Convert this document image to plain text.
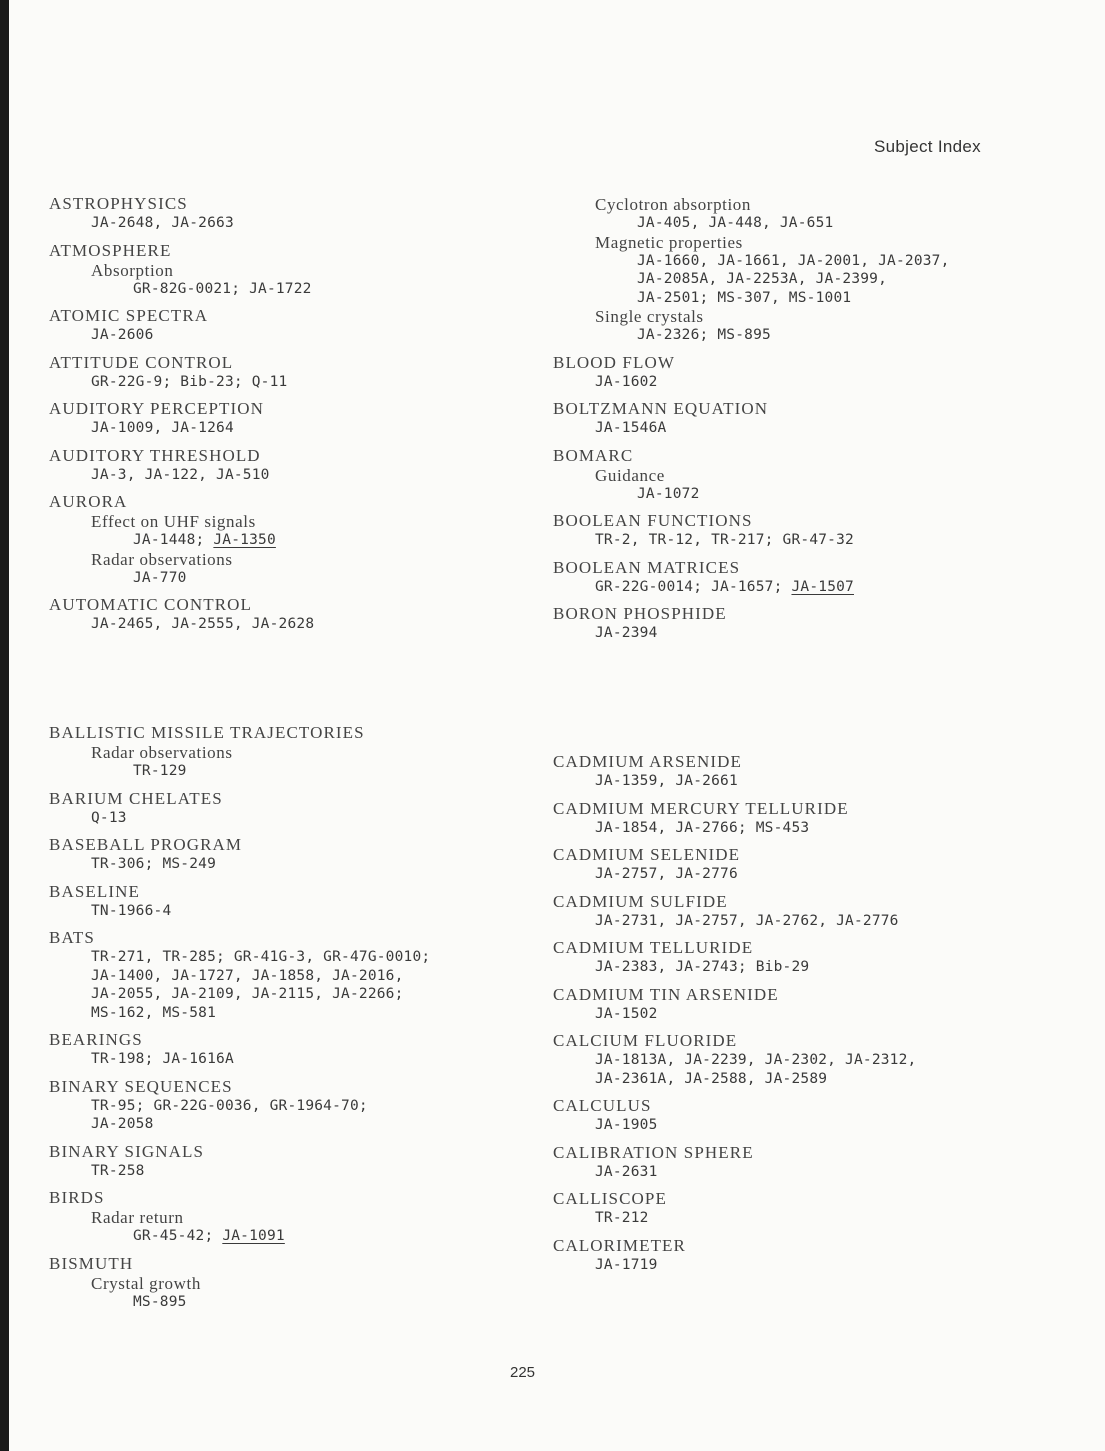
Subject Index
ASTROPHYSICS
JA-2648, JA-2663
ATMOSPHERE
Absorption
GR-82G-0021; JA-1722
ATOMIC SPECTRA
JA-2606
ATTITUDE CONTROL
GR-22G-9; Bib-23; Q-11
AUDITORY PERCEPTION
JA-1009, JA-1264
AUDITORY THRESHOLD
JA-3, JA-122, JA-510
AURORA
Effect on UHF signals
JA-1448; JA-1350
Radar observations
JA-770
AUTOMATIC CONTROL
JA-2465, JA-2555, JA-2628
Cyclotron absorption
JA-405, JA-448, JA-651
Magnetic properties
JA-1660, JA-1661, JA-2001, JA-2037,
JA-2085A, JA-2253A, JA-2399,
JA-2501; MS-307, MS-1001
Single crystals
JA-2326; MS-895
BLOOD FLOW
JA-1602
BOLTZMANN EQUATION
JA-1546A
BOMARC
Guidance
JA-1072
BOOLEAN FUNCTIONS
TR-2, TR-12, TR-217; GR-47-32
BOOLEAN MATRICES
GR-22G-0014; JA-1657; JA-1507
BORON PHOSPHIDE
JA-2394
BALLISTIC MISSILE TRAJECTORIES
Radar observations
TR-129
BARIUM CHELATES
Q-13
BASEBALL PROGRAM
TR-306; MS-249
BASELINE
TN-1966-4
BATS
TR-271, TR-285; GR-41G-3, GR-47G-0010;
JA-1400, JA-1727, JA-1858, JA-2016,
JA-2055, JA-2109, JA-2115, JA-2266;
MS-162, MS-581
BEARINGS
TR-198; JA-1616A
BINARY SEQUENCES
TR-95; GR-22G-0036, GR-1964-70;
JA-2058
BINARY SIGNALS
TR-258
BIRDS
Radar return
GR-45-42; JA-1091
BISMUTH
Crystal growth
MS-895
CADMIUM ARSENIDE
JA-1359, JA-2661
CADMIUM MERCURY TELLURIDE
JA-1854, JA-2766; MS-453
CADMIUM SELENIDE
JA-2757, JA-2776
CADMIUM SULFIDE
JA-2731, JA-2757, JA-2762, JA-2776
CADMIUM TELLURIDE
JA-2383, JA-2743; Bib-29
CADMIUM TIN ARSENIDE
JA-1502
CALCIUM FLUORIDE
JA-1813A, JA-2239, JA-2302, JA-2312,
JA-2361A, JA-2588, JA-2589
CALCULUS
JA-1905
CALIBRATION SPHERE
JA-2631
CALLISCOPE
TR-212
CALORIMETER
JA-1719
225
